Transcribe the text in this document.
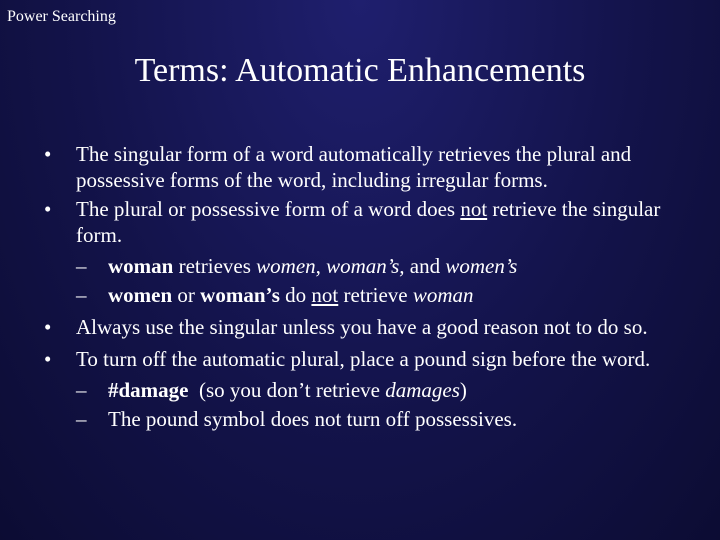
Power Searching
Terms: Automatic Enhancements

• The singular form of a word automatically retrieves the plural and possessive forms of the word, including irregular forms.

• The plural or possessive form of a word does not retrieve the singular form.

– woman retrieves women, woman’s, and women’s

– women or woman’s do not retrieve woman

• Always use the singular unless you have a good reason not to do so.

• To turn off the automatic plural, place a pound sign before the word.

– #damage  (so you don’t retrieve damages)

– The pound symbol does not turn off possessives.
